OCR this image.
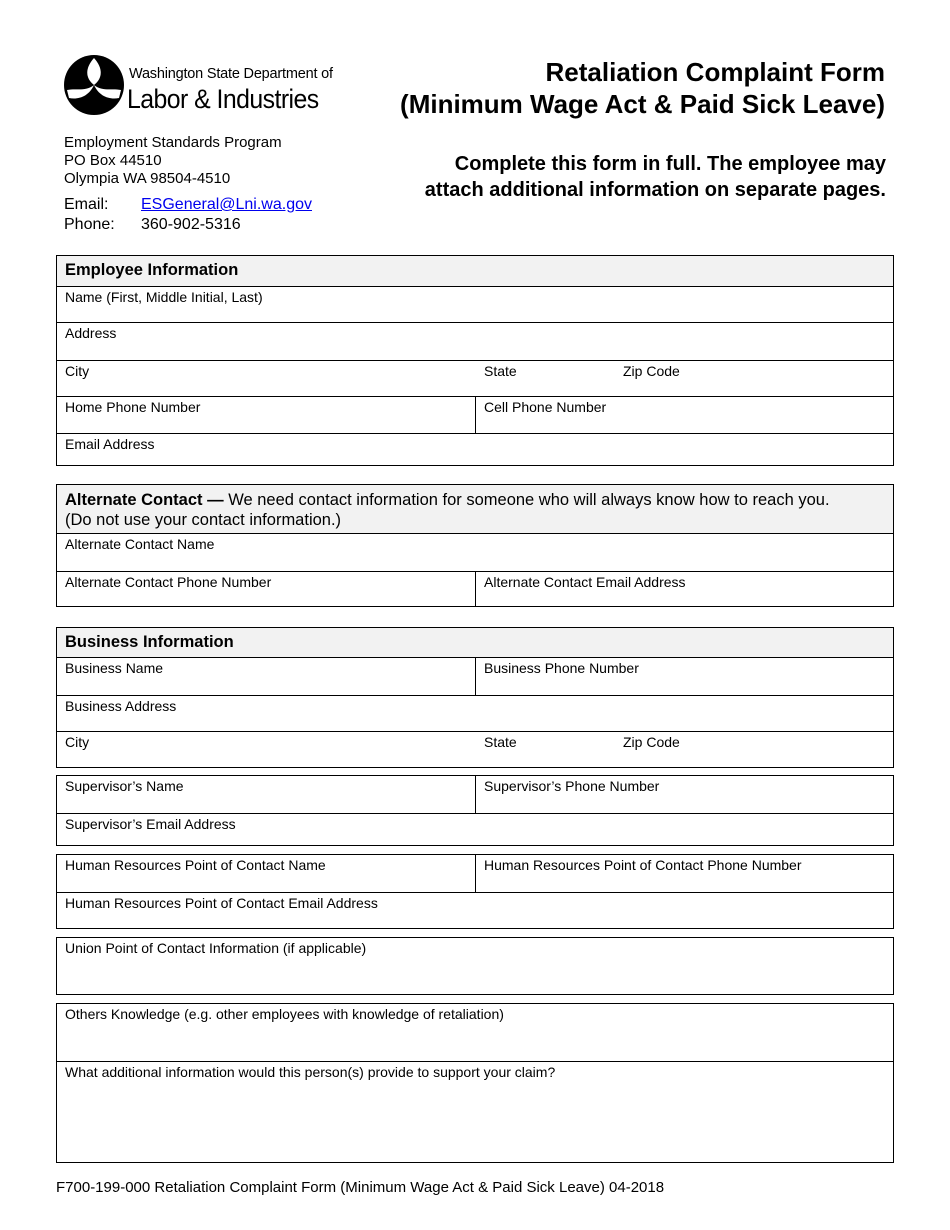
Washington State Department of
Labor & Industries
Employment Standards Program
PO Box 44510
Olympia WA 98504-4510
Email: ESGeneral@Lni.wa.gov
Phone: 360-902-5316
Retaliation Complaint Form
(Minimum Wage Act & Paid Sick Leave)
Complete this form in full. The employee may
attach additional information on separate pages.
Employee Information
Name (First, Middle Initial, Last)
Address
City	State	Zip Code
Home Phone Number	Cell Phone Number
Email Address
Alternate Contact — We need contact information for someone who will always know how to reach you.
(Do not use your contact information.)
Alternate Contact Name
Alternate Contact Phone Number	Alternate Contact Email Address
Business Information
Business Name	Business Phone Number
Business Address
City	State	Zip Code
Supervisor’s Name	Supervisor’s Phone Number
Supervisor’s Email Address
Human Resources Point of Contact Name	Human Resources Point of Contact Phone Number
Human Resources Point of Contact Email Address
Union Point of Contact Information (if applicable)
Others Knowledge (e.g. other employees with knowledge of retaliation)
What additional information would this person(s) provide to support your claim?
F700-199-000 Retaliation Complaint Form (Minimum Wage Act & Paid Sick Leave) 04-2018
